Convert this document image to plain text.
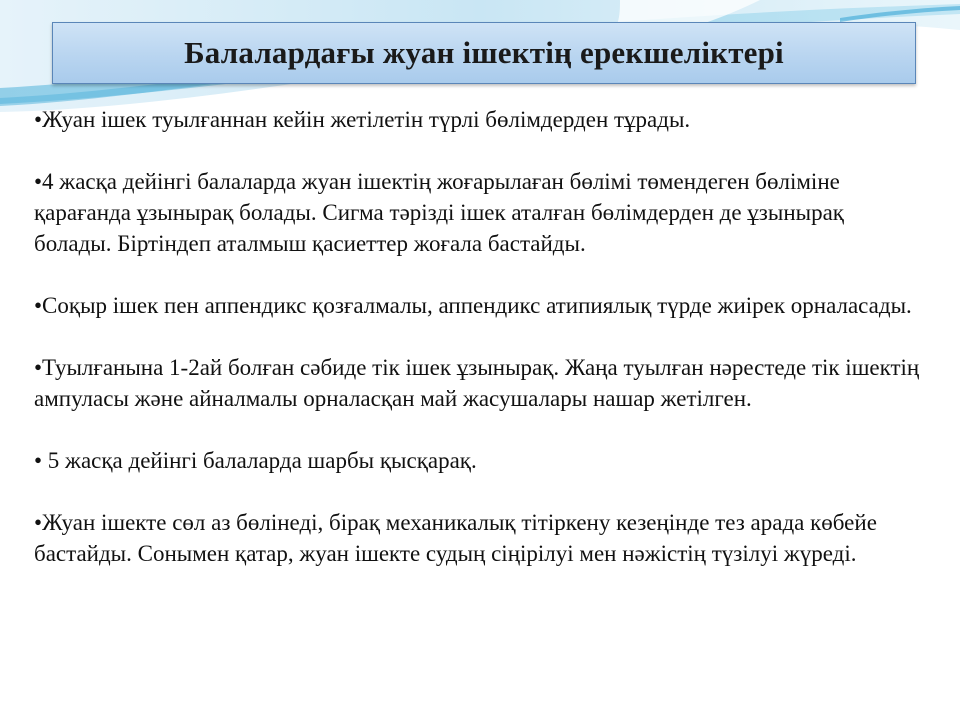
Балалардағы жуан ішектің ерекшеліктері

•Жуан ішек туылғаннан кейін жетілетін түрлі бөлімдерден тұрады.

•4 жасқа дейінгі балаларда жуан ішектің жоғарылаған бөлімі төмендеген бөліміне қарағанда ұзынырақ болады. Сигма тәрізді ішек аталған бөлімдерден де ұзынырақ болады. Біртіндеп аталмыш қасиеттер жоғала бастайды.

•Соқыр ішек пен аппендикс қозғалмалы, аппендикс атипиялық түрде жиірек орналасады.

•Туылғанына 1-2ай болған сәбиде тік ішек ұзынырақ. Жаңа туылған нәрестеде тік ішектің ампуласы және айналмалы орналасқан май жасушалары нашар жетілген.

• 5 жасқа дейінгі балаларда шарбы қысқарақ.

•Жуан ішекте сөл аз бөлінеді, бірақ механикалық тітіркену кезеңінде тез арада көбейе бастайды. Сонымен қатар, жуан ішекте судың сіңірілуі мен нәжістің түзілуі жүреді.
